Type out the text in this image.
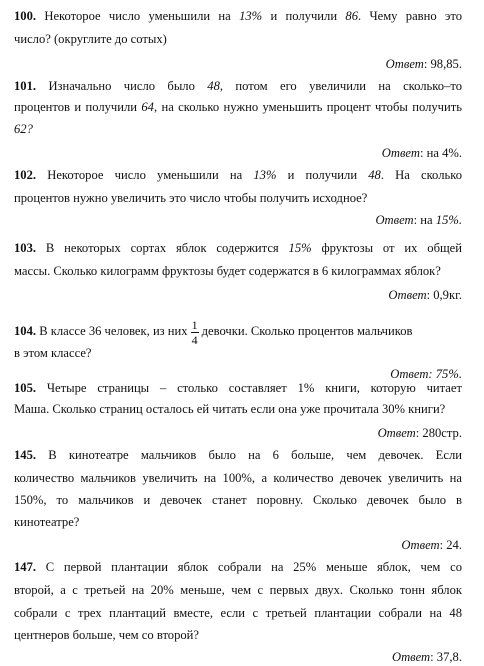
100. Некоторое число уменьшили на 13% и получили 86. Чему равно это
число? (округлите до сотых)
Ответ: 98,85.
101. Изначально число было 48, потом его увеличили на сколько–то
процентов и получили 64, на сколько нужно уменьшить процент чтобы получить
62?
Ответ: на 4%.
102. Некоторое число уменьшили на 13% и получили 48. На сколько
процентов нужно увеличить это число чтобы получить исходное?
Ответ: на 15%.
103. В некоторых сортах яблок содержится 15% фруктозы от их общей
массы. Сколько килограмм фруктозы будет содержатся в 6 килограммах яблок?
Ответ: 0,9кг.
104. В классе 36 человек, из них $\frac{1}{4}$ девочки. Сколько процентов мальчиков
в этом классе?
Ответ: 75%.
105. Четыре страницы – столько составляет 1% книги, которую читает
Маша. Сколько страниц осталось ей читать если она уже прочитала 30% книги?
Ответ: 280стр.
145. В кинотеатре мальчиков было на 6 больше, чем девочек. Если
количество мальчиков увеличить на 100%, а количество девочек увеличить на
150%, то мальчиков и девочек станет поровну. Сколько девочек было в
кинотеатре?
Ответ: 24.
147. С первой плантации яблок собрали на 25% меньше яблок, чем со
второй, а с третьей на 20% меньше, чем с первых двух. Сколько тонн яблок
собрали с трех плантаций вместе, если с третьей плантации собрали на 48
центнеров больше, чем со второй?
Ответ: 37,8.
